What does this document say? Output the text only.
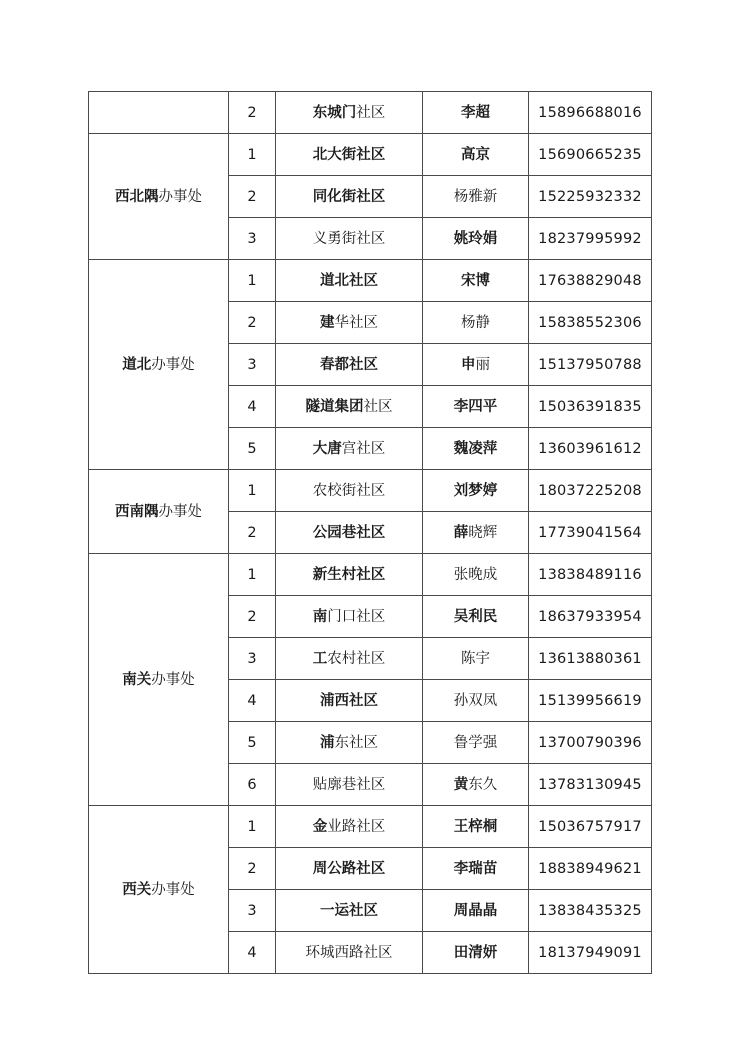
	2	东城门社区	李超	15896688016
西北隅办事处	1	北大街社区	高京	15690665235
	2	同化街社区	杨雅新	15225932332
	3	义勇街社区	姚玲娟	18237995992
道北办事处	1	道北社区	宋博	17638829048
	2	建华社区	杨静	15838552306
	3	春都社区	申丽	15137950788
	4	隧道集团社区	李四平	15036391835
	5	大唐宫社区	魏凌萍	13603961612
西南隅办事处	1	农校街社区	刘梦婷	18037225208
	2	公园巷社区	薛晓辉	17739041564
南关办事处	1	新生村社区	张晚成	13838489116
	2	南门口社区	吴利民	18637933954
	3	工农村社区	陈宇	13613880361
	4	浦西社区	孙双凤	15139956619
	5	浦东社区	鲁学强	13700790396
	6	贴廓巷社区	黄东久	13783130945
西关办事处	1	金业路社区	王梓桐	15036757917
	2	周公路社区	李瑞苗	18838949621
	3	一运社区	周晶晶	13838435325
	4	环城西路社区	田清妍	18137949091
